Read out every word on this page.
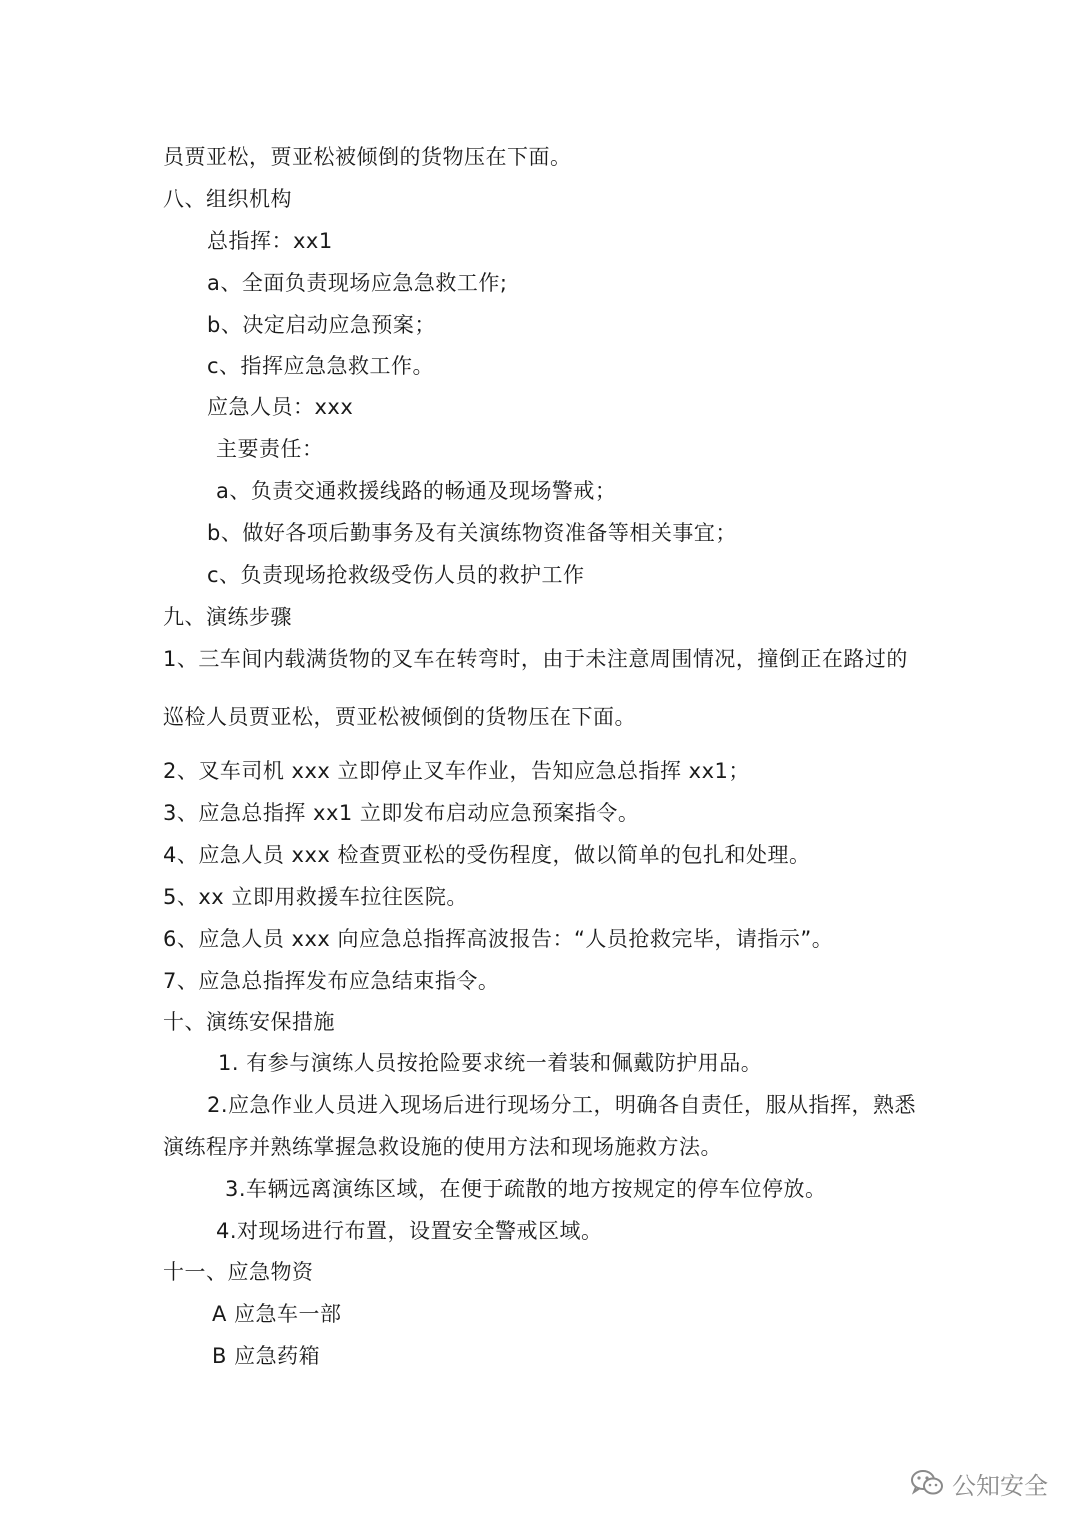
员贾亚松，贾亚松被倾倒的货物压在下面。
八、组织机构
总指挥：xx1
a、全面负责现场应急急救工作;
b、决定启动应急预案；
c、指挥应急急救工作。
应急人员：xxx
主要责任：
a、负责交通救援线路的畅通及现场警戒；
b、做好各项后勤事务及有关演练物资准备等相关事宜；
c、负责现场抢救级受伤人员的救护工作
九、演练步骤
1、三车间内载满货物的叉车在转弯时，由于未注意周围情况，撞倒正在路过的
巡检人员贾亚松，贾亚松被倾倒的货物压在下面。
2、叉车司机 xxx 立即停止叉车作业，告知应急总指挥 xx1；
3、应急总指挥 xx1 立即发布启动应急预案指令。
4、应急人员 xxx 检查贾亚松的受伤程度，做以简单的包扎和处理。
5、xx 立即用救援车拉往医院。
6、应急人员 xxx 向应急总指挥高波报告：“人员抢救完毕，请指示”。
7、应急总指挥发布应急结束指令。
十、演练安保措施
1. 有参与演练人员按抢险要求统一着装和佩戴防护用品。
2.应急作业人员进入现场后进行现场分工，明确各自责任，服从指挥，熟悉
演练程序并熟练掌握急救设施的使用方法和现场施救方法。
3.车辆远离演练区域，在便于疏散的地方按规定的停车位停放。
4.对现场进行布置，设置安全警戒区域。
十一、应急物资
A 应急车一部
B 应急药箱
公知安全
